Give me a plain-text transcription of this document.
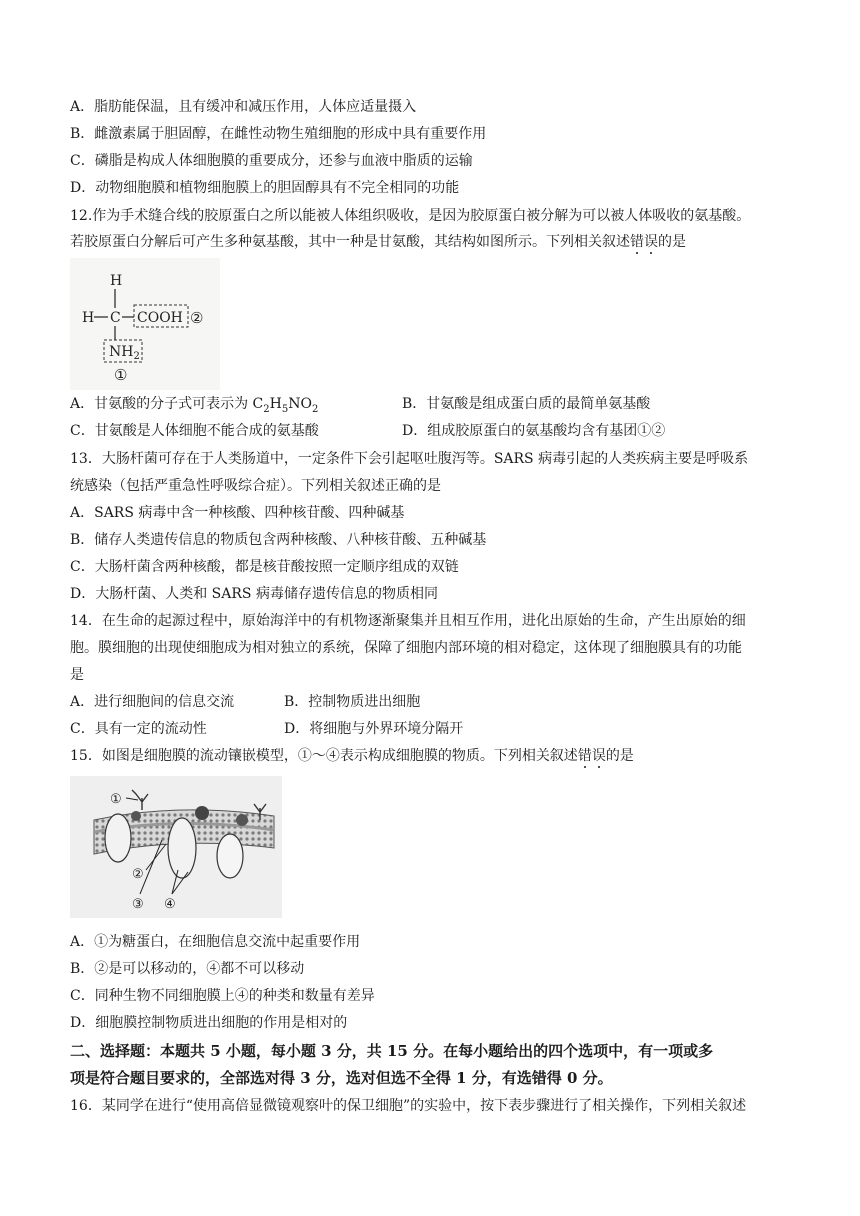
A．脂肪能保温，且有缓冲和减压作用，人体应适量摄入
B．雌激素属于胆固醇，在雌性动物生殖细胞的形成中具有重要作用
C．磷脂是构成人体细胞膜的重要成分，还参与血液中脂质的运输
D．动物细胞膜和植物细胞膜上的胆固醇具有不完全相同的功能
12.作为手术缝合线的胶原蛋白之所以能被人体组织吸收，是因为胶原蛋白被分解为可以被人体吸收的氨基酸。
若胶原蛋白分解后可产生多种氨基酸，其中一种是甘氨酸，其结构如图所示。下列相关叙述错误的是
H
H C COOH ②
$NH_2$
①
A．甘氨酸的分子式可表示为 $C_2H_5NO_2$	B．甘氨酸是组成蛋白质的最简单氨基酸
C．甘氨酸是人体细胞不能合成的氨基酸	D．组成胶原蛋白的氨基酸均含有基团①②
13．大肠杆菌可存在于人类肠道中，一定条件下会引起呕吐腹泻等。SARS 病毒引起的人类疾病主要是呼吸系
统感染（包括严重急性呼吸综合症）。下列相关叙述正确的是
A．SARS 病毒中含一种核酸、四种核苷酸、四种碱基
B．储存人类遗传信息的物质包含两种核酸、八种核苷酸、五种碱基
C．大肠杆菌含两种核酸，都是核苷酸按照一定顺序组成的双链
D．大肠杆菌、人类和 SARS 病毒储存遗传信息的物质相同
14．在生命的起源过程中，原始海洋中的有机物逐渐聚集并且相互作用，进化出原始的生命，产生出原始的细
胞。膜细胞的出现使细胞成为相对独立的系统，保障了细胞内部环境的相对稳定，这体现了细胞膜具有的功能
是
A．进行细胞间的信息交流	B．控制物质进出细胞
C．具有一定的流动性	D．将细胞与外界环境分隔开
15．如图是细胞膜的流动镶嵌模型，①～④表示构成细胞膜的物质。下列相关叙述错误的是
①
②
③ ④
A．①为糖蛋白，在细胞信息交流中起重要作用
B．②是可以移动的，④都不可以移动
C．同种生物不同细胞膜上④的种类和数量有差异
D．细胞膜控制物质进出细胞的作用是相对的
二、选择题：本题共 5 小题，每小题 3 分，共 15 分。在每小题给出的四个选项中，有一项或多
项是符合题目要求的，全部选对得 3 分，选对但选不全得 1 分，有选错得 0 分。
16．某同学在进行“使用高倍显微镜观察叶的保卫细胞”的实验中，按下表步骤进行了相关操作，下列相关叙述
